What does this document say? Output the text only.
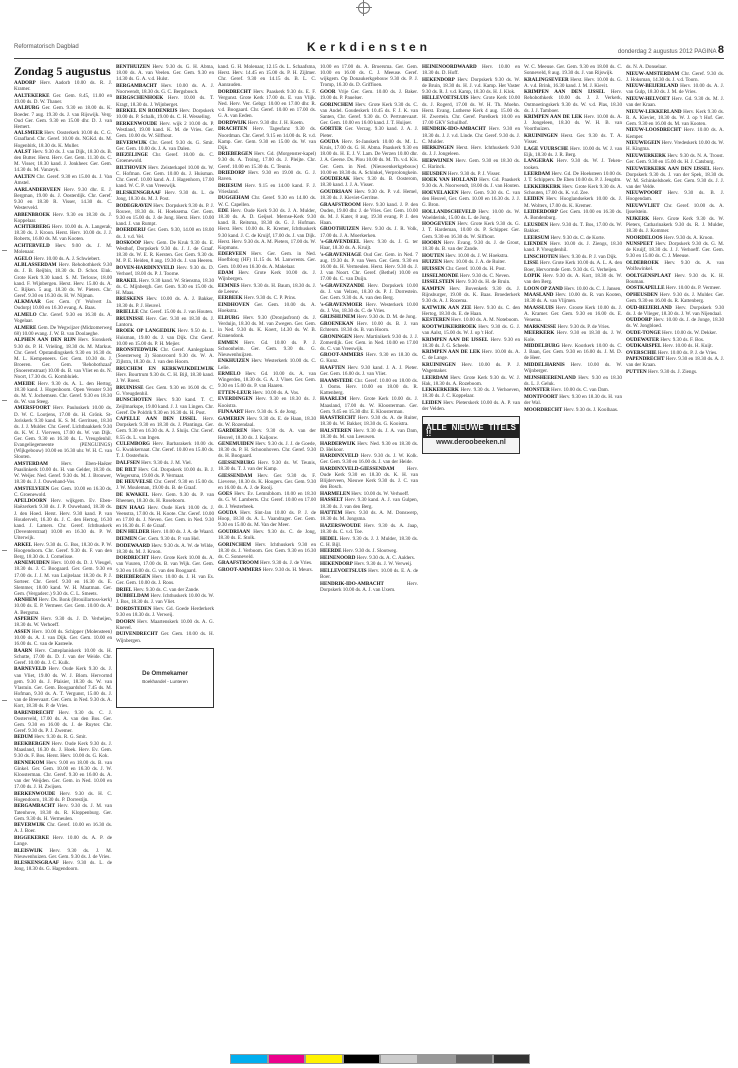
Reformatorisch Dagblad	Kerkdiensten	donderdag 2 augustus 2012 PAGINA 8
Zondag 5 augustus

AADORP Herv. Aadorb 10.00 ds. R. J. Kramer.

AALTEKERKE Ger. Gem. 8.45, 11.00 en 19.00 ds. D. W. Thaner.

AALBURG Ger. Gem. 9.30 en 18.00 ds. K. Boeder. 7 aug. 19.30 ds. J. van Rijswijk. Verg. Oud Ger. Gem. 9.30 en 15.00 dhr. D. J. van Hemert.

AALSMEER Herv. Oosterkerk 10.00 ds. C. G. Graafland. Chr. Geref. 10.00 ds. NGKd. ds. M. Hogenbirk, 18.30 ds. K. Muller.

AALST Herv. 9.30 ds. J. van Dijk, 18.30 ds. B. den Butter. Herst. Herv. Ger. Gem. 11.30 ds. C. M. Visser, 18.30 kand. J. Jonkheer. Ger. Gem. 14.30 ds. M. Vanzeyk.

AALTEN Chr. Geref. 9.30 en 15.00 ds. J. Van Amstel.

AARLANDERVEEN Herv. 9.30 dhr. E. J. Bergman, 19.00 ds. J. Oosterdijk. Chr. Geref. 9.30 en 18.30 R. Visser, 14.30 ds. C. Westerveld.

ABBENBROEK Herv. 9.30 en 18.30 ds. J. Koppelaar.

ACHTERBERG Herv. 10.00 ds. A. Langerak, 18.30 ds. J. Kroon. Herst. Herv. 10.00 ds. J. J. Roberts, 16.00 ds. M. van Kooten.

ACHTERVELD Herv. 9.00 ds. J. M. Molenaar.

AGELO Herv. 10.00 ds. A. J. Schwiebert.

ALBLASSERDAM Herv. Rehobothkerk 9.30 ds. J. B. Reijbin, 18.30 ds. D. Schot. Eink. Grote Kerk 9.30 kand. S. M. Terlouw, 18.00 kand. F. Wijnbergen. Herst. Herv. 15.00 ds. A. C. Rijken. 5 aug. 18.30 ds. W. Pieters. Chr. Geref. 9.30 en 16.30 ds. H. W. Nijman.

ALKMAAR Ger. Gem. (Y Wolvert Ja. Oudorp) 10.00 en 16.30 evang. A. Baas.

ALMELO Chr. Geref. 9.30 en 16.30 ds. A. Vogelaar.

ALMERE Gem. De Wegwijzer (Midzomerweg 68) 10.00 evang. J. W. B. van Doolaeghe.

ALPHEN AAN DEN RIJN Herv. Sionskerk 9.30 ds. P. H. Vrieling, 18.30 ds. M. Markus. Chr. Geref. Opstandingskerk 9.30 en 16.30 ds. M. L. Kempeneers. Ger. Gem. 10.30 ds. J. Broeren. Ger. Gem. 'Rehobothzaal' (Snoeremstraat) 10.00 ds. B. van Vliet en ds. N. Noort, 17.30 ds. G. Kornbluiek.

AMEIDE Herv. 9.30 ds. A. L. den Hertog, 18.30 kand. J. Hogenboom. Open Venster 9.30 ds. M. Y. Jochemsen. Chr. Geref. 9.30 en 18.30 ds. W. van Steeg.

AMERSFOORT Herv. Pauluskerk 10.00 ds. D. W. C. Lootjens, 17.00 ds. H. Grönk. St-Joriskerk 9.30 kand. K. S. M. Gerritsen, 18.30 ds. J. J. Mulder. Chr. Geref. Lichtbaakkerk 9.30 ds. K. W. J. Vierveen, 17.00 ds. W. van Dijk. Ger. Gem. 9.30 en 16.30 ds. L. Vreugdenhil. Evangeliegemeente (PENGUINGS) (Wijkgebouw) 10.00 en 16.30 uhr. W. H. C. van Slooten.

AMSTERDAM	Herv. Eben-Haëzer Paaslinkerk 10.00 ds. H. van Gelder, 18.30 ds. W. Weijer. Ned. Geref. 9.30 ds. M. J. Brouwer, 18.30 ds. J. J. Ouwehand-Vos.

AMSTELVEEN Ger. Gem. 10.00 en 16.30 ds. C. Groenewold.

APELDOORN Herv. wijkgem. Ev. Eben-Haëzerkerk 9.30 ds. J. P. Ouwehand, 18.30 ds. J. den Hoed. Herst. Herv. 9.30 kand. P. van Houdervelt, 16.30 ds. J. C. den Hertog, 16.30 kand. J. Lamers. Chr. Geref. Ichthuskerk (Deventerstraat) 10.00 en 16.30 ds. P. W. Uiterwijk.

ARKEL Herv. 9.30 ds. G. Bos, 18.30 ds. P. W. Hoogendoorn. Chr. Geref. 9.30 ds. F. van den Berg, 18.30 ds. J. Cornelisse.

ARNEMUIDEN Herv. 10.00 ds. D. J. Vleugel, 18.30 ds. J. C. Boogaard. Ger. Gem. 9.30 en 17.00 ds. J. J. M. van Luijtelaar. 18.30 ds. P. J. Sorteer. Chr. Geref. 9.30 en 16.30 ds. E. Slemmer, 18.00 kand. W. H. Maatman. Ger. Gem. (Vergaderc.) 9.30 ds. C. L. Smeets.

ARNHEM Herv. Ds. Bonk (Brouillartoss-kerk) 10.00 ds. E. P. Vermeer. Ger. Gem. 10.00 ds. A. A. Bergsma.

ASPEREN Herv. 9.30 ds. J. D. Verheijen, 18.30 ds. W. Verhoeff.

ASSEN Herv. 10.00 ds. Schipper (Molensteen) 10.00 ds. A. J. van Dijk. Ger. Gem. 10.00 en 16.00 ds. C. van de Kasteele.

BAARN Herv. Catteplaniskerk 10.00 ds. H. Schutte, 17.00 ds. D. J. van der Weide. Chr. Geref. 10.00 ds. J. C. Kulk.

BARNEVELD Herv. Oude Kerk 9.30 ds. J. van Vliet, 19.00 ds. W. J. Blom. Hervormd gem. 9.30 ds. J. Plaisier, 18.30 ds. W. van Vlastuin. Ger. Gem. Boogaardshof 7.45 ds. M. Hofman, 9.30 ds. A. T. Vergunst, 15.00 ds. J. van de Breevaart. Ger. Gem. in Ned. 9.30 ds. A. Kort, 18.30 ds. P. de Vries.

BARENDRECHT Herv. 9.30 ds. C. J. Oosterveld, 17.00 ds. A. van den Bos. Ger. Gem. 9.30 en 16.00 ds. J. de Ruyter. Chr. Geref. 9.30 ds. P. J. Zwemer.

BEDUM Herv. 9.30 ds. R. G. Smit.

BEEKBERGEN Herv. Oude Kerk 9.30 ds. J. Maasland, 16.30 ds. J. Hoek. Herv. Ev. Gem. 9.30 ds. F. Bos. Herst. Herv. 10.00 ds. G. Kok.

BENNEKOM Herv. 9.00 en 18.00 ds. B. van Ginkel. Ger. Gem. 10.00 en 16.30 ds. J. W. Kloosterman. Chr. Geref. 9.30 en 16.00 ds. A. van der Weijden. Ger. Gem. in Ned. 10.00 en 17.00 ds. J. H. Zwijsen.

BERKENWOUDE Herv. 9.30 ds. H. C. Hogendoorn, 18.30 ds. P. Dorrestijn.

BERGAMBACHT Herv. 9.30 ds. J. M. van Tatenhove, 18.30 ds. R. Kloppenburg. Ger. Gem. 9.30 ds. H. Vermeulen.

BEVERWIJK Chr. Geref. 10.00 en 16.30 ds. A. J. Boer.

BIGGEKERKE Herv. 10.00 ds. A. P. de Lange.

BLEISWIJK Herv. 9.30 ds. J. M. Nieuwenhuizen. Ger. Gem. 9.30 ds. J. de Vries.

BLESKENSGRAAF Herv. 9.30 ds. L. de Jong, 18.30 ds. G. Hagendoorn.

BENTHUIZEN Herv. 9.30 ds. G. H. Abma, 18.00 ds. A. van Veelen. Ger. Gem. 9.30 en 14.30 ds. G. A. v.d. Hulst.

BERGAMBACHT Herv. 10.00 ds. A. J. Noorwendt, 18.30 ds. G. C. Bergsbosch.

BERGSCHENHOEK Herv. 10.00 ds. T. Kragt, 18.30 ds. J. Wijnberget.

BERKEL EN RODENRIJS Herv. Dorpskerk 10.00 ds. P. Schalk, 19.00 ds. C. H. Wesseling.

BERKENWOUDE Herv. wijk 2 10.00 ds. P. Westland, 19.00 kand. K. M. de Vries. Ger. Gem. 10.00 ds. W. Silfhout.

BEVERWIJK Chr. Geref. 9.30 ds. G. Smit. Ger. Gem. 10.00 ds. J. A. van Dalen.

BIEZELINGE Chr. Geref. 10.00 ds. C. Groenewold.

BILTHOVEN Herv. Zeisterkapel 10.00 ds. W. C. Hofman. Ger. Gem. 10.00 ds. J. Huisman. Chr. Geref. 10.00 kand. A. J. Hagenhorn, 17.00 kand. W. C. P. van Vreeswijk.

BLESKENSGRAAF Herv. 9.30 ds. L. de Jong, 18.30 ds. M. J. Post.

BODEGRAVEN Herv. Dorpskerk 9.30 ds. P. J. Rouwe, 18.30 ds. H. Hoeksema. Ger. Gem. 9.30 en 15.00 ds. J. de Jong. Herst. Herv. 10.00 kand. J. van Rumpt.

BOERDERIJ Ger. Gem. 9.30, 14.00 en 18.00 ds. J. v.d. Vel.

BOSKOOP Herv. Gem. De Kruk 9.30 ds. E. Westhof, Dorpskerk 9.30 ds. J. J. de Graaf. 18.30 ds. W. E. R. Kersten. Ger. Gem. 9.30 ds. M. P. E. Heiden, 8 aug. 19.30 ds. J. van Heeren.

BOVEN-HARDINXVELD Herv. 9.30 ds. D. Verhoef, 18.00 ds. P. J. Toorne.

BRAKEL Herv. 9.30 kand. W. Stiensma, 18.30 ds. C. Mijnbergh. Ger. Gem. 9.30 en 15.00 ds. H. Maas.

BRESKENS Herv. 10.00 ds. A. J. Bakker, 18.30 ds. P. J. Heuvel.

BRIELLE Chr. Geref. 15.00 ds. J. van Houten.

BRUINISSE Herv. Ger. 9.30 en 18.30 ds. J. Lantoru.

BROEK OP LANGEDIJK Herv. 9.50 ds. L. Huisman, 19.00 ds. J. van Dijk. Chr. Geref. 10.00 en 15.00 ds. P. H. Mejier.

BRONSTEDWIJK Chr. Geref. Aanlegplaats (Soesterweg 3) Sionsvoord 9.30 ds. W. A. Zijlstra, 18.30 ds. J. van den Hoorn.

BRUCHEM EN KERKWIJKDELWIJK Herv. Bourtrum 9.30 ds. C. H. Bijl, 18.30 kand. J. W. Roest.

BRUINISSE Ger. Gem. 9.30 en 16.00 ds. C. G. Vreugdenhil.

BUNSCHOTEN Herv. 9.30 kand. T. C. Zeijlmarkspe, 19.00 kand. J. J. van Lingen. Chr. Geref. De Poldrik 9.30 en 16.30 ds. H. Post.

CAPELLE AAN DEN IJSSEL Herv. Dorpskerk 9.30 en 18.30 ds. J. Plantinga. Ger. Gem. 9.30 en 16.30 ds. A. J. Sluijs. Chr. Geref. 8.55 ds. L. van Ingen.

CULEMBORG Herv. Barbarakerk 10.00 ds. G. Kwakkernaat. Chr. Geref. 10.00 en 15.00 ds. T. J. Oosterhuis.

DALFSEN Herv. 9.30 ds. J. M. Viel.

DE BILT Herv. Gd. Dorpskerk 10.00 ds. B. J. Wiegersma, 19.00 ds. P. Vermaat.

DE HEUVELSE Chr. Geref. 9.30 en 15.00 ds. J. W. Mouleman, 19.00 ds. B. de Graaf.

DE KWAKEL Herv. Gem. 9.30 ds. P. van Rheenen, 18.30 ds. H. Roseboom.

DEN HAAG Herv. Oude Kerk 10.00 ds. J. Veenstra, 17.00 ds. H. Koote. Chr. Geref. 10.00 en 17.00 ds. J. Neven. Ger. Gem. in Ned. 9.30 en 16.30 ds. F. de Graaf.

DEN HELDER Herv. 10.00 ds. J. A. de Waard.

DIEMEN Ger. Gem. 9.30 ds. P. van Hel.

DODEWAARD Herv. 9.30 ds. A. W. de Wilde, 18.30 ds. M. J. Kroon.

DORDRECHT Herv. Grote Kerk 10.00 ds. A. van Vuuren, 17.00 ds. B. van Wijk. Ger. Gem. 9.30 en 16.00 ds. G. van den Boogaard.

DRIEBERGEN Herv. 10.00 ds. J. H. van Es. Ger. Gem. 10.00 ds. J. Roos.

DRIEL Herv. 9.30 ds. C. van der Zande.

DUBBELDAM Herv. Ichthuskerk 10.00 ds. W. J. Bos, 18.30 ds. J. van Vliet.

DORDSTEDEN Herv. Gd. Goede Herderkerk 9.30 en 18.30 ds. J. Verweij.

DOORN Herv. Maartenskerk 10.00 ds. A. G. Knevel.

DUIVENDRECHT Ger. Gem. 10.00 ds. H. Wijnbergen.

De Ommekamer
Boekhandel - Lunteren

kand. G. H. Molenaar, 12.15 ds. L. Schaafsma, Herst. Herv. 14.45 en 15.00 ds. P. H. Zijlmer. Chr. Geref. 9.30 en 14.15 ds. B. L. C. Aanrauden.

DORDRECHT Herv. Paaskerk 9.30 ds. E. F. Vergunst. Grote Kerk 17.00 ds. E. van Vlijk. Ned. Herv. Ver. Gebgr. 10.00 en 17.00 dhr. R. v.d. Boogaard. Chr. Geref. 10.00 en 17.00 ds. G. A. van Eeden.

DORDWIJK Herv. 9.30 dhr. J. H. Koetn.

DRACHTEN Herv. Tagesfanz 9.30 ds. Noordman. Chr. Geref. 9.15 en 14.00 ds. R. v.d. Kamp. Ger. Gem. 9.30 en 15.00 ds. W. van Dijk.

DRIEBERGEN Herv. Gd. (Morgenster-kapel) 9.30 ds. A. Troing, 17.00 ds. J. Pleijte. Chr. Geref. 10.00 en 15.30 ds. C. Teunis.

DRIEDORP Herv. 9.30 en 19.00 ds. G. J. Raven.

DRIESUM Herv. 9.15 en 14.00 kand. F. J. Vriesland.

DUGGEHAM Chr. Geref. 9.30 en 14.00 ds. W. C. Capellen.

EDE Herv. Oude Kerk 9.30 ds. J. A. Mulder, 18.30 ds. A. D. Geijsel. Mernse-Kerk 9.30 kand. R. Reitsma, 18.30 ds. G. J. Hofman. Herst. Herv. 10.00 ds. R. Kremer, Ichthuskerk 9.30 kand. J. C. de Kruijf, 17.00 ds. J. van Dijk. Herst. Herv. 9.30 ds. A. M. Pieters, 17.00 ds. W. Kopmans.

EDERVEEN Herv. Ger. Gem. in Ned. Hoefblorg (HF) 11.15 ds. M. Lanwrents. Ger. Gem. 10.00 en 16.30 ds. A. Makelaar.

EDAM Herv. Grote Kerk 10.00 ds. J. Wijnbergen.

EEMNES Herv. 9.30 ds. H. Baum, 18.30 ds. J. de Leeuw.

EERBEEK Herv. 9.30 ds. C. P. Prins.

EINDHOVEN Ger. Gem. 10.00 ds. A. Hoekstra.

ELBURG Herv. 9.30 (Dronjasfront) ds. J. Verduijn, 18.30 ds. M. van Zwegen. Ger. Gem. in Ned. 9.30 ds. K. Koert, 14.30 ds. W. B. Kranendonk.

EMMEN Herv. Gd. 10.00 ds. P. J. Schoonheim. Ger. Gem. 9.30 ds. G. Nieuwenhuijzen.

ENKHUIZEN Herv. Westerkerk 10.00 ds. C. Lelie.

ERMELO Herv. Gd. 10.00 ds. A. van Wingerden, 18.30 ds. G. A. J. Vloet. Ger. Gem. 9.30 en 15.00 ds. P. van Haaren.

ETTEN-LEUR Herv. 10.00 ds. A. Vos.

EVERDINGEN Herv. 9.30 en 18.30 ds. J. Kooistra.

FIJNAART Herv. 9.30 ds. S. de Jong.

GAMEREN Herv. 9.30 ds. E. de Haan, 18.30 ds. W. Rozendaal.

GARDEREN Herv. 9.30 ds. A. van der Heuvel, 18.30 ds. J. Kaljouw.

GENEMUIDEN Herv. 9.30 ds. J. J. de Goede, 18.30 ds. P. H. Schoonhoven. Chr. Geref. 9.30 ds. H. Boogaard.

GIESSENBURG Herv. 9.30 ds. W. Teunis, 18.30 ds. T. J. van der Kamp.

GIESSENDAM Herv. Ger. 9.30 ds. F. Lieverse, 18.30 ds. K. Hoogers. Ger. Gem. 9.30 en 16.00 ds. A. J. de Rooij.

GOES Herv. Ev. Lemnibhom. 10.00 en 18.30 ds. G. W. Lamberts. Chr. Geref. 10.00 en 17.00 ds. J. Westerbeek.

GOUDA Herv. Sint-Jan 10.00 ds. P. J. de Hoop, 18.30 ds. A. L. Vaandrager. Ger. Gem. 9.30 en 15.00 ds. M. Van der Meer.

GOUDRIAAN Herv. 9.30 ds. C. de Jong, 18.30 ds. E. Stolk.

GORINCHEM Herv. Ichthuskerk 9.30 en 18.30 ds. J. Verboom. Ger. Gem. 9.30 en 16.30 ds. C. Sonneveld.

GRAAFSTROOM Herv. 9.30 ds. J. de Vries.

GROOT-AMMERS Herv. 9.30 ds. H. Meurs.

10.00 en 17.00 ds. A. Broersma. Ger. Gem. 10.00 en 16.00 ds. C. J. Meeuse. Geref. wijkgem. Op Donaukerkgebouw 9.30 ds. P. J. Tromp, 16.30 ds. D. Griffioen.

GOOR Vrije Ger. Gem. 10.00 ds. J. Baker. 19.00 ds. P. Pauelser.

GORINCHEM Herv. Grote Kerk 9.30 ds. C. van Andel. Goudeskerk 10.45 ds. F. J. K. van Santen, Chr. Geref. 9.30 ds. O. Pertrutevaart. Ger. Gem. 10.00 en 16.00 kand. J. T. Huijser.

GORTER Ger. Verzag. 9.30 kand. J. A. J. Pieter.

GOUDA Herv. St-Janskerk 10.00 ds. M. L. Kruis, 17.00 ds. G. H. Abma. Paaskerk 9.30 en 18.00 ds. H. E. J. V. Lam. De Verzen 10.00 dhr. J. A. Geerse. Ds. Plou 10.00 ds. M. Th. v.d. Kis. Ger. Gem. in Ned. (Nieuwenkerkgebouw) 10.00 en 18.30 ds. A. Schinkel, Verprolongkein.

GOUDERAK Herv. 9.30 ds. B. Oosterom, 18.30 kand. J. J. A. Visser.

GOUDRIAAN Herv. 9.30 ds. P. v.d. Hemel, 18.30 ds. J. Kieviet-Gerritse.

GRAAFSTROOM Herv. 9.30 kand. J. P. den Ouden, 19.00 dhr. J. de Vries. Ger. Gem. 10.00 ds. M. J. Kater, 8 aug. 19.30 evang. P. J. den Haan.

GROOTHUIZEN Herv. 9.30 ds. J. R. Volk, 17.00 ds. J. A. Moerkerken.

's-GRAVENDEEL Herv. 9.30 ds. J. G. ter Haar, 18.30 ds. A. Kruijt.

's-GRAVENHAGE Oud Ger. Gem. in Ned. 7 aug. 19.30 ds. P. van Veen. Ger. Gem. 9.30 en 16.00 ds. H. Vermeulen. Herst. Herv. 9.30 ds. J. J. van Noort. Chr. Geref. (Bethel) 10.00 en 17.00 ds. C. van Duijn.

's-GRAVENZANDE Herv. Dorpskerk 10.00 ds. J. van Velzen, 18.30 ds. P. J. Dorrestein. Ger. Gem. 9.30 ds. A. van den Berg.

's-GRAVENMOER Herv. Westerkerk 10.00 ds. J. Vos, 18.30 ds. C. de Vries.

GRIJSHIJNEM Herv. 9.30 ds. D. M. de Jong.

GROENEKAN Herv. 10.00 ds. B. J. van Echtenm. 18.30 ds. B. van Hoorn.

GRONINGEN Herv. Martinikerk 9.30 ds. J. J. Zomerdijk. Ger. Gem. in Ned. 10.00 en 17.00 ds. C. van Vreeswijk.

GROOT-AMMERS Herv. 9.30 en 18.30 ds. G. Kunz.

HAAFTEN Herv. 9.30 kand. J. A. J. Pieter. Ger. Gem. 16.00 ds. J. van Vliet.

HAAMSTEDE Chr. Geref. 10.00 en 18.00 ds. J. Ooms. Herv. 10.00 en 18.00 ds. R. Kattenberg.

HAARLEM Herv. Grote Kerk 10.00 ds. J. Maasland, 17.00 ds. W. Kloosterman. Ger. Gem. 9.45 en 15.30 dhr. E. Kloosterman.

HAASTRECHT Herv. 9.30 ds. A. de Ruiter, 18.30 ds. W. Bakker, 18.30 ds. G. Kooistra.

HALSTEREN Herv. 9.30 ds. J. A. van Dam, 18.30 ds. M. van Leeuwen.

HARDERWIJK Herv. Ned. 9.30 en 18.30 ds. D. Heikoor.

HARDINXVELD Herv. 9.30 ds. J. W. Kolk. Ger. Gem. 9.30 en 16.00 ds. J. van der Heide.

HARDINXVELD-GIESSENDAM Herv. Oude Kerk 9.30 en 18.30 ds. K. H. van Blijderveen, Nieuwe Kerk 9.30 ds. J. C. van den Bosch.

HARMELEN Herv. 10.00 ds. W. Verhoeff.

HASSELT Herv. 9.30 kand. A. J. van Gulpen, 18.30 ds. J. van den Berg.

HATTEM Herv. 9.30 ds. A. M. Donswerp, 18.30 ds. M. Jongsma.

HAZERSWOUDE Herv. 9.30 ds. A. Jaap, 18.30 ds. C. v.d. Toe.

HEDEL Herv. 9.30 ds. J. J. Mulder, 18.30 ds. C. H. Bijl.

HEERDE Herv. 9.30 ds. J. Slootweg.

HEINENOORD Herv. 9.30 ds. A. C. Aalders.

HEKENDORP Herv. 9.30 ds. J. W. Verweij.

HELLEVOETSLUIS Herv. 10.00 ds. E. A. de Boer.

HENDRIK-IDO-AMBACHT	Herv. Dorpskerk 10.00 ds. A. J. van Uxem.

HEINENOORDWAARD Herv. 10.00 en 18.30 ds. D. Hoff.

HEKENDORP Herv. Dorpskerk 9.30 ds. W. de Bruin, 18.30 ds. H. J. v.d. Kamp. Het Vaster 9.30 ds. R. J. v.d. Kamp, 18.30 ds. H. J. Klok.

HELLEVOETSLUIS Herv. Grote Kerk 10.00 ds. J. Rogerd, 17.00 ds. W. H. Th. Moehn. Herst. Evang. Lutherse Kerk 4 aug. 15.00 ds. H. Zwertein. Chr. Geref. Parelkerk 10.00 en 17.00 GKV Schuilhof.

HENDRIK-IDO-AMBACHT Herv. 9.30 en 18.30 ds. J. J. v.d. Linde. Chr. Geref. 9.30 ds. J. C. Mulder.

HERKINGEN Herst. Herv. Ichthuskerk 9.30 ds. J. J. Jongeleen.

HERWIJNEN Herv. Gem. 9.30 en 18.30 ds. C. Harinck.

HEUSDEN Herv. 9.30 ds. P. J. Visser.

HOEK VAN HOLLAND Herv. Gd. Paaskerk 9.30 ds. A. Noorwendt, 18.00 ds. J. van Houten.

HOEVELAKEN Herv. Gem. 9.30 ds. C. van den Heuvel, Ger. Gem. 10.00 en 16.30 ds. J. J. G. Bron.

HOLLANDSCHEVELD Herv. 10.00 ds. W. Woelderink, 15.00 ds. L. de Jong.

HOOGEVEEN Herv. Grote Kerk 9.30 ds. G. J. T. Hardeman, 10.00 ds. P. Schipper. Ger. Gem. 9.30 en 16.30 ds. W. Silfhout.

HOORN Herv. Evang. 9.30 ds. J. de Groot, 18.30 ds. B. van der Zande.

HOUTEN Herv. 10.00 ds. J. W. Hoekstra.

HUIZEN Herv. 10.00 ds. J. A. de Ruiter.

HUISSEN Chr. Geref. 10.00 ds. H. Post.

IJSSELMONDE Herv. 9.30 ds. C. Neven.

IJSSELSTEIN Herv. 9.30 ds. H. de Bruin.

KAMPEN Herv. Bovenkerk 9.30 ds. J. Rijnsburger, 19.00 ds. K. Baas. Broederkerk 9.30 ds. A. J. Rozema.

KATWIJK AAN ZEE Herv. 9.30 ds. C. den Hertog, 18.30 ds. E. de Haan.

KESTEREN Herv. 10.00 ds. A. M. Noteboom.

KOOTWIJKERBROEK Herv. 9.30 ds. G. J. van Aalst, 15.00 ds. W. J. op 't Hof.

KRIMPEN AAN DE IJSSEL Herv. 9.30 en 18.30 ds. J. G. Scheele.

KRIMPEN AAN DE LEK Herv. 10.00 ds. A. C. de Lange.

KRUININGEN Herv. 10.00 ds. P. J. Wagemaker.

LEERDAM Herv. Grote Kerk 9.30 ds. W. J. Hak, 18.30 ds. A. Rozeboom.

LEKKERKERK Herv. 9.30 ds. J. Verhoeven, 18.30 ds. J. C. Koppelaar.

LEIDEN Herv. Pieterskerk 10.00 ds. A. P. van der Velden.

ALLE NIEUWE TITELS !!
www.deroobeeken.nl

W. C. Meeuse. Ger. Gem. 9.30 en 18.00 ds. C. Sonneveld, 8 aug. 19.30 ds. J. van Rijswijk.

KRALINGSEVEER Herst. Herv. 10.00 ds. G. A. v.d. Brink, 16.30 kand. J. M. J. Kievit.

KRIMPEN AAN DEN IJSSEL Herv. Rehobothkerk 10.00 ds. J. J. Verkerk, Ontmoetingskerk 9.30 ds. W. v.d. Plas, 18.30 ds. J. J. Tamboer.

KRIMPEN AAN DE LEK Herv. 10.00 ds. A. J. Jongeleen, 18.30 ds. W. H. B. van Voorthuizen.

KRUININGEN Herst. Ger. 9.30 ds. T. A. Visser.

LAGE VUURSCHE Herv. 10.00 ds. W. J. van Eijk, 18.30 ds. J. R. Berg.

LANGERAK Herv. 9.30 ds. W. J. Teken-tooken.

LEERDAM Herv. Gd. De Hoeksteen 10.00 ds. J. T. Schippers. De Eben 10.00 ds. P. J. Jeugdm.

LEKKERKERK Herv. Grote Kerk 9.30 ds. A. Schouten, 17.00 ds. K. v.d. Zee.

LEIDEN Herv. Hooglandsekerk 10.00 ds. J. M. Wolters, 17.00 ds. K. Kremer.

LEIDERDORP Ger. Gem. 10.00 en 16.30 ds. A. Bondenburg.

LEUSDEN Herv. 9.30 ds. T. Bos, 17.00 ds. W. Bakker.

LEERSUM Herv. 9.30 ds. C. de Korte.

LIENDEN Herv. 10.00 ds. J. Ziengs, 18.30 kand. P. Vreugdenhil.

LINSCHOTEN Herv. 9.30 ds. P. J. van Dijk.

LISSE Herv. Grote Kerk 10.00 ds. A. L. A. den Boer, Hervormde Gem. 9.30 ds. G. Verheijen.

LOPIK Herv. 9.30 ds. A. Kort, 18.30 ds. W. van den Berg.

LOON OP ZAND Herv. 10.00 ds. C. J. Jansen.

MAASLAND Herv. 10.00 ds. R. van Kooten, 18.30 ds. A. van Vlijmen.

MAASSLUIS Herv. Groote Kerk 10.00 ds. J. A. Kramer. Ger. Gem. 9.30 en 16.00 ds. E. Venema.

MARKNESSE Herv. 9.30 ds. P. de Vries.

MEERKERK Herv. 9.30 en 18.30 ds. J. W. Kole.

MIDDELBURG Herv. Koorkerk 10.00 ds. C. J. Baan, Ger. Gem. 9.30 en 16.00 ds. J. M. D. de Heer.

MIDDELHARNIS Herv. 10.00 ds. W. Wijnberger.

MIJNSHEERENLAND Herv. 9.30 en 18.30 ds. L. J. Geluk.

MONSTER Herv. 10.00 ds. C. van Dam.

MONTFOORT Herv. 9.30 en 18.30 ds. H. van der Wal.

MOORDRECHT Herv. 9.30 ds. J. Koolhaas.

ds. N. A. Donselaar.

NIEUW-AMSTERDAM Chr. Geref. 9.30 ds. J. Hoksman, 14.30 ds. J. v.d. Toorn.

NIEUW-BEIJERLAND Herv. 10.00 ds. A. J. van Gulp, 18.30 ds. J. M. de Vries.

NIEUW-HELVOET Herv. Gd. 9.30 ds. M. J. van der Kraan.

NIEUW-LEKKERLAND Herv. Kerk 9.30 ds. R. A. Kieviet, 18.30 ds. W. J. op 't Hof. Ger. Gem. 9.30 en 16.00 ds. M. van Kooten.

NIEUW-LOOSDRECHT Herv. 10.00 ds. A. Kemper.

NIEUWEGEIN Herv. Vredeskerk 10.00 ds. W. H. Kingma.

NIEUWERKERK Herv. 9.30 ds. N. A. Troost. Ger. Gem. 9.30 en 15.00 ds. H. J. Catsburg.

NIEUWERKERK AAN DEN IJSSEL Herv. Dorpskerk 9.30 ds. J. van der Spek, 18.30 ds. W. M. Schinkelshoek. Ger. Gem. 9.30 ds. J. J. van der Velde.

NIEUWPOORT Herv. 9.30 ds. B. J. Hoogendam.

NIEUWVLIET Chr. Geref. 10.00 ds. A. Ijsselstein.

NIJKERK Herv. Grote Kerk 9.30 ds. W. Pieters, Catharinakerk 9.30 ds. R. J. Mulder, 18.30 ds. J. Kommer.

NOORDELOOS Herv. 9.30 ds. A. Kroon.

NUNSPEET Herv. Dorpskerk 9.30 ds. G. M. de Kruijf, 18.30 ds. J. J. Verhoeff. Ger. Gem. 9.30 en 15.00 ds. C. J. Meeuse.

OLDEBROEK Herv. 9.30 ds. A. van Wolfswinkel.

OOLTGENSPLAAT Herv. 9.30 ds. K. H. Bouman.

OOSTKAPELLE Herv. 10.00 ds. P. Vermeer.

OPHEUSDEN Herv. 9.30 ds. J. Mulder. Ger. Gem. 9.30 en 16.00 ds. R. Kattenberg.

OUD-BEIJERLAND Herv. Dorpskerk 9.30 ds. J. de Vlieger, 18.30 ds. J. W. van Nijendaal.

OUDDORP Herv. 10.00 ds. J. de Jonge, 18.30 ds. W. Jongbloed.

OUDE-TONGE Herv. 10.00 ds. W. Dekker.

OUDEWATER Herv. 9.30 ds. F. Bos.

OUDKARSPEL Herv. 10.00 ds. H. Kuijt.

OVERSCHIE Herv. 10.00 ds. P. J. de Vries.

PAPENDRECHT Herv. 9.30 en 18.30 ds. A. J. van der Kraan.

PUTTEN Herv. 9.30 ds. J. Ziengs.
